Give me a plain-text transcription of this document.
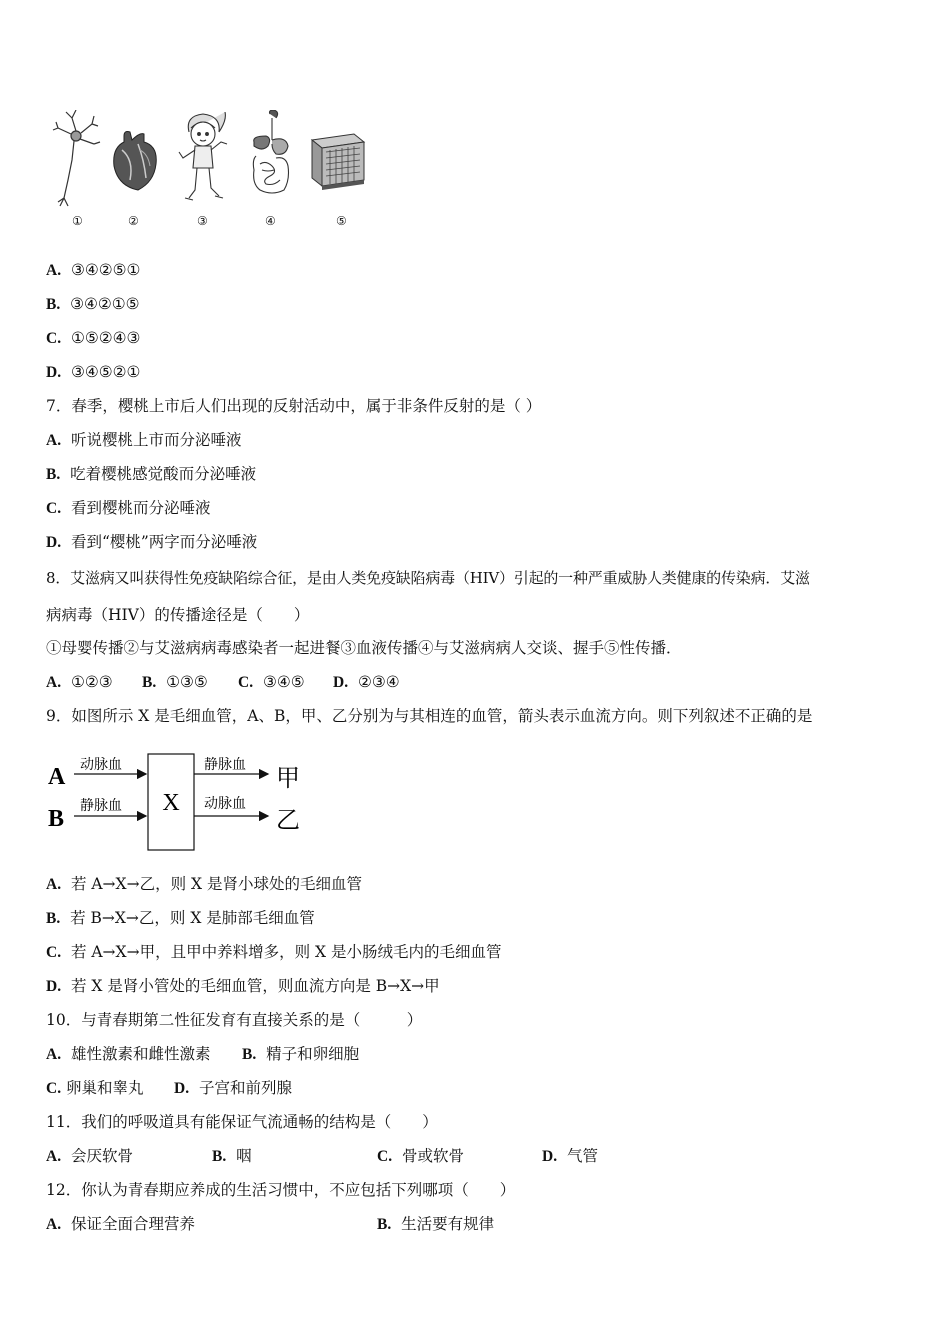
①	②	③	④	⑤
A. ③④②⑤①
B. ③④②①⑤
C. ①⑤②④③
D. ③④⑤②①
7．春季，樱桃上市后人们出现的反射活动中，属于非条件反射的是（ ）
A. 听说樱桃上市而分泌唾液
B. 吃着樱桃感觉酸而分泌唾液
C. 看到樱桃而分泌唾液
D. 看到“樱桃”两字而分泌唾液
8．艾滋病又叫获得性免疫缺陷综合征，是由人类免疫缺陷病毒（HIV）引起的一种严重威胁人类健康的传染病．艾滋
病病毒（HIV）的传播途径是（　　）
①母婴传播②与艾滋病病毒感染者一起进餐③血液传播④与艾滋病病人交谈、握手⑤性传播．
A. ①②③ B. ①③⑤ C. ③④⑤ D. ②③④
9．如图所示 X 是毛细血管，A、B，甲、乙分别为与其相连的血管，箭头表示血流方向。则下列叙述不正确的是
A
B
动脉血
静脉血 X
静脉血
动脉血
甲
乙
A. 若 A→X→乙，则 X 是肾小球处的毛细血管
B. 若 B→X→乙，则 X 是肺部毛细血管
C. 若 A→X→甲，且甲中养料增多，则 X 是小肠绒毛内的毛细血管
D. 若 X 是肾小管处的毛细血管，则血流方向是 B→X→甲
10．与青春期第二性征发育有直接关系的是（　　　）
A. 雄性激素和雌性激素 B. 精子和卵细胞
C. 卵巢和睾丸 D. 子宫和前列腺
11．我们的呼吸道具有能保证气流通畅的结构是（　　）
A. 会厌软骨	B. 咽	C. 骨或软骨	D. 气管
12．你认为青春期应养成的生活习惯中，不应包括下列哪项（　　）
A. 保证全面合理营养	B. 生活要有规律
